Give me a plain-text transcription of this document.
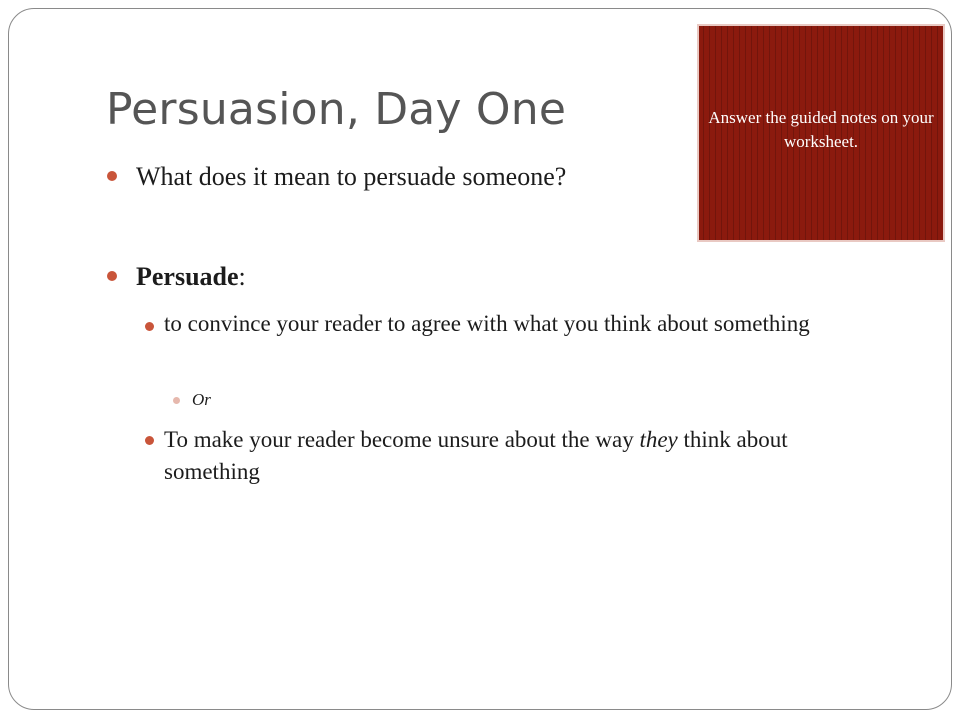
Persuasion, Day One	Answer the guided notes on your worksheet.
What does it mean to persuade someone?
Persuade:
to convince your reader to agree with what you think about something
Or
To make your reader become unsure about the way they think about something
